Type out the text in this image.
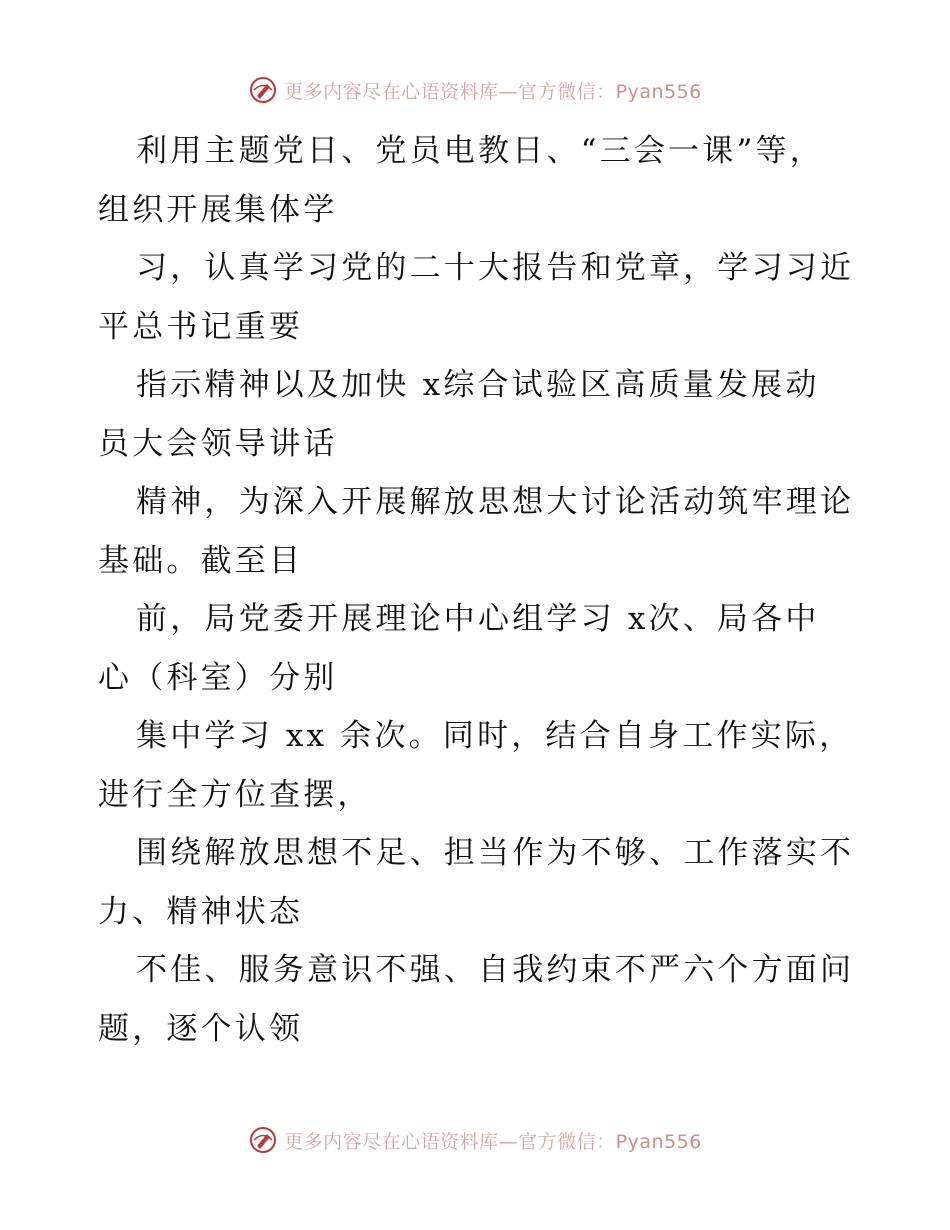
更多内容尽在心语资料库—官方微信：Pyan556

利用主题党日、党员电教日、“三会一课”等，
组织开展集体学

习，认真学习党的二十大报告和党章，学习习近
平总书记重要

指示精神以及加快 x综合试验区高质量发展动
员大会领导讲话

精神，为深入开展解放思想大讨论活动筑牢理论
基础。截至目

前，局党委开展理论中心组学习 x次、局各中
心（科室）分别

集中学习 xx 余次。同时，结合自身工作实际，
进行全方位查摆，

围绕解放思想不足、担当作为不够、工作落实不
力、精神状态

不佳、服务意识不强、自我约束不严六个方面问
题，逐个认领

更多内容尽在心语资料库—官方微信：Pyan556
